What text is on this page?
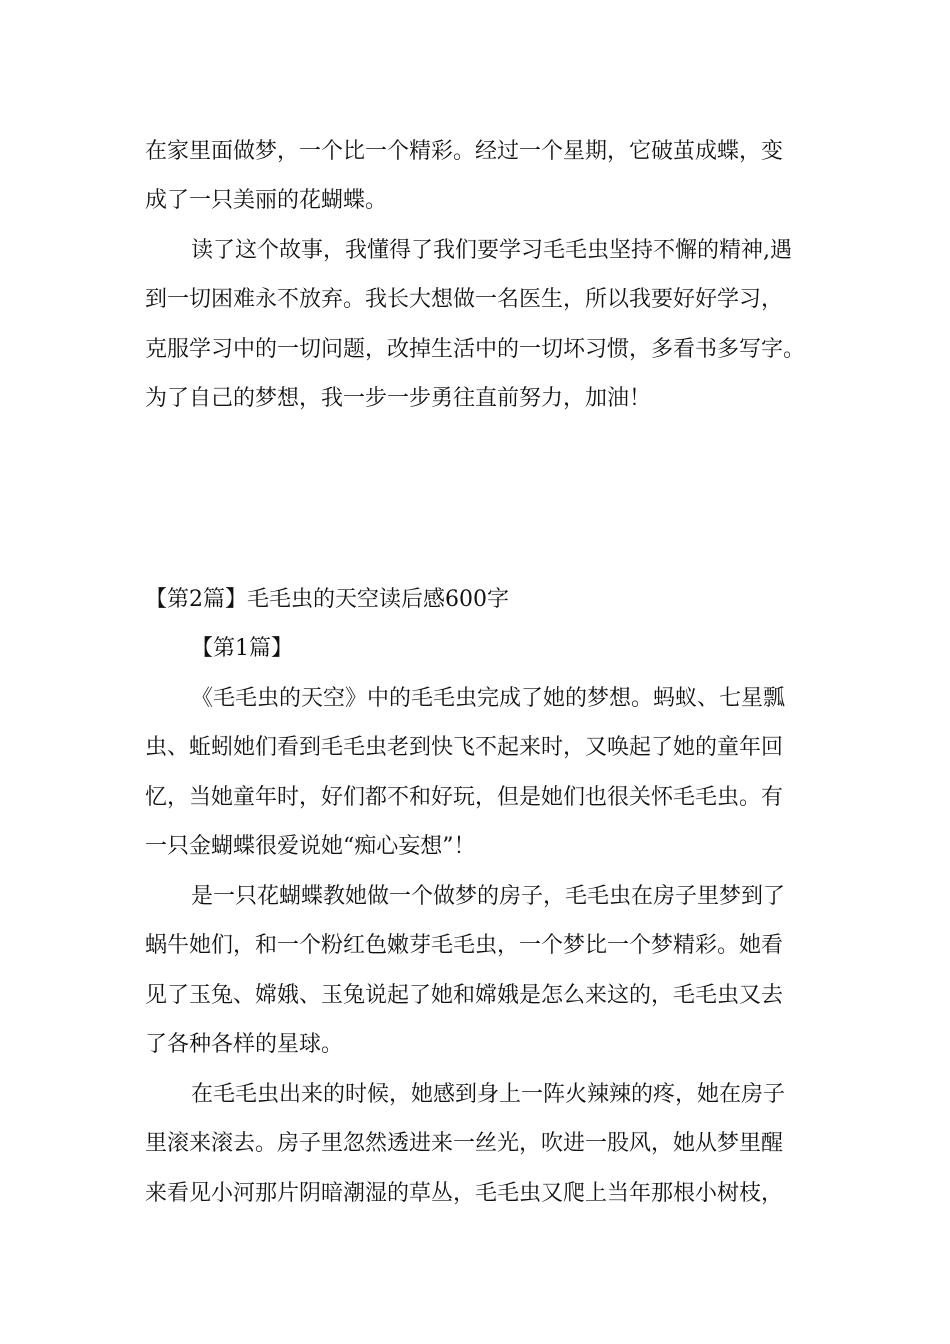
在家里面做梦，一个比一个精彩。经过一个星期，它破茧成蝶，变
成了一只美丽的花蝴蝶。
读了这个故事，我懂得了我们要学习毛毛虫坚持不懈的精神,遇
到一切困难永不放弃。我长大想做一名医生，所以我要好好学习，
克服学习中的一切问题，改掉生活中的一切坏习惯，多看书多写字。
为了自己的梦想，我一步一步勇往直前努力，加油！
【第2篇】毛毛虫的天空读后感600字
【第1篇】
《毛毛虫的天空》中的毛毛虫完成了她的梦想。蚂蚁、七星瓢
虫、蚯蚓她们看到毛毛虫老到快飞不起来时，又唤起了她的童年回
忆，当她童年时，好们都不和好玩，但是她们也很关怀毛毛虫。有
一只金蝴蝶很爱说她“痴心妄想”！
是一只花蝴蝶教她做一个做梦的房子，毛毛虫在房子里梦到了
蜗牛她们，和一个粉红色嫩芽毛毛虫，一个梦比一个梦精彩。她看
见了玉兔、嫦娥、玉兔说起了她和嫦娥是怎么来这的，毛毛虫又去
了各种各样的星球。
在毛毛虫出来的时候，她感到身上一阵火辣辣的疼，她在房子
里滚来滚去。房子里忽然透进来一丝光，吹进一股风，她从梦里醒
来看见小河那片阴暗潮湿的草丛，毛毛虫又爬上当年那根小树枝，
